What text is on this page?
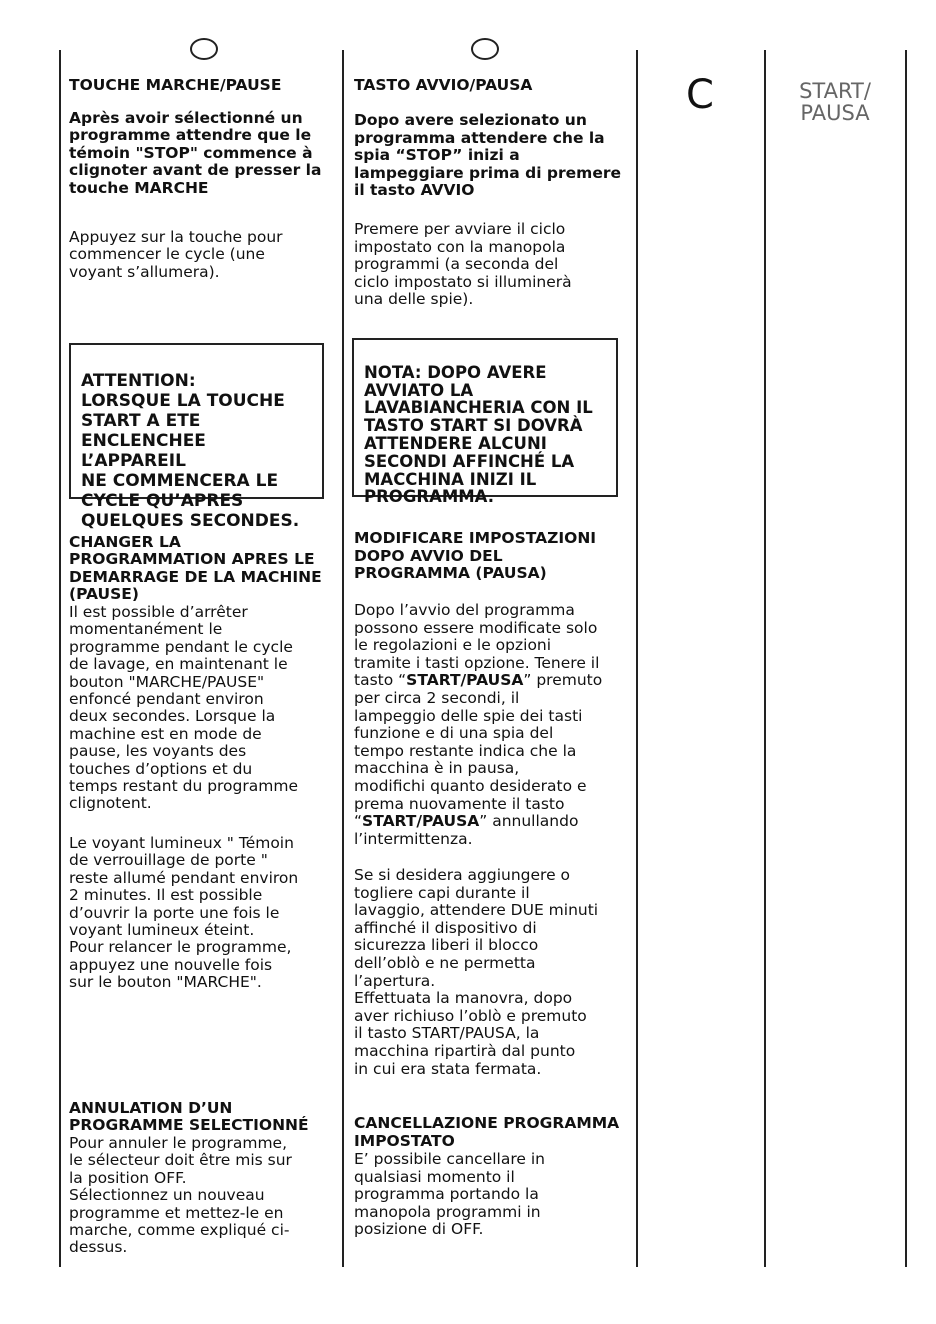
C	START/
PAUSA
TOUCHE MARCHE/PAUSE
Après avoir sélectionné un
programme attendre que le
témoin "STOP" commence à
clignoter avant de presser la
touche MARCHE
Appuyez sur la touche pour
commencer le cycle (une
voyant s’allumera).

ATTENTION:
LORSQUE LA TOUCHE
START A ETE
ENCLENCHEE L’APPAREIL
NE COMMENCERA LE
CYCLE QU’APRES
QUELQUES SECONDES.

CHANGER LA
PROGRAMMATION APRES LE
DEMARRAGE DE LA MACHINE
(PAUSE)
Il est possible d’arrêter
momentanément le
programme pendant le cycle
de lavage, en maintenant le
bouton "MARCHE/PAUSE"
enfoncé pendant environ
deux secondes. Lorsque la
machine est en mode de
pause, les voyants des
touches d’options et du
temps restant du programme
clignotent.
Le voyant lumineux " Témoin
de verrouillage de porte "
reste allumé pendant environ
2 minutes. Il est possible
d’ouvrir la porte une fois le
voyant lumineux éteint.
Pour relancer le programme,
appuyez une nouvelle fois
sur le bouton "MARCHE".
ANNULATION D’UN
PROGRAMME SELECTIONNÉ
Pour annuler le programme,
le sélecteur doit être mis sur
la position OFF.
Sélectionnez un nouveau
programme et mettez-le en
marche, comme expliqué ci-
dessus.
TASTO AVVIO/PAUSA
Dopo avere selezionato un
programma attendere che la
spia “STOP” inizi a
lampeggiare prima di premere
il tasto AVVIO
Premere per avviare il ciclo
impostato con la manopola
programmi (a seconda del
ciclo impostato si illuminerà
una delle spie).

NOTA: DOPO AVERE
AVVIATO LA
LAVABIANCHERIA CON IL
TASTO START SI DOVRÀ
ATTENDERE ALCUNI
SECONDI AFFINCHÉ LA
MACCHINA INIZI IL
PROGRAMMA.

MODIFICARE IMPOSTAZIONI
DOPO AVVIO DEL
PROGRAMMA (PAUSA)
Dopo l’avvio del programma
possono essere modificate solo
le regolazioni e le opzioni
tramite i tasti opzione. Tenere il
tasto “START/PAUSA” premuto
per circa 2 secondi, il
lampeggio delle spie dei tasti
funzione e di una spia del
tempo restante indica che la
macchina è in pausa,
modifichi quanto desiderato e
prema nuovamente il tasto
“START/PAUSA” annullando
l’intermittenza.
Se si desidera aggiungere o
togliere capi durante il
lavaggio, attendere DUE minuti
affinché il dispositivo di
sicurezza liberi il blocco
dell’oblò e ne permetta
l’apertura.
Effettuata la manovra, dopo
aver richiuso l’oblò e premuto
il tasto START/PAUSA, la
macchina ripartirà dal punto
in cui era stata fermata.
CANCELLAZIONE PROGRAMMA
IMPOSTATO
E’ possibile cancellare in
qualsiasi momento il
programma portando la
manopola programmi in
posizione di OFF.
